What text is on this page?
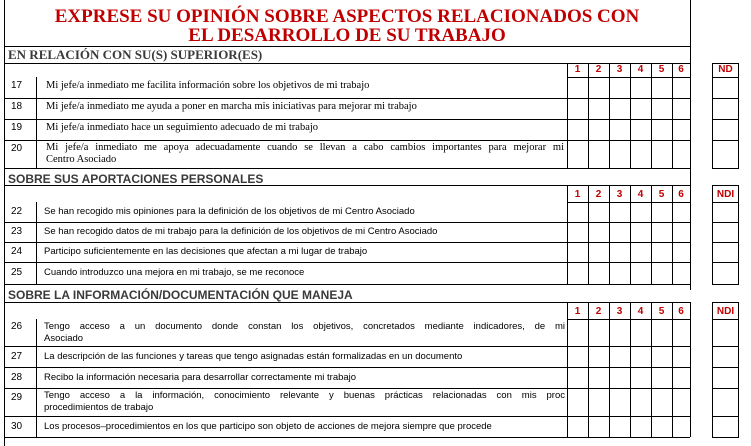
EXPRESE SU OPINIÓN SOBRE ASPECTOS RELACIONADOS CON
EL DESARROLLO DE SU TRABAJO
EN RELACIÓN CON SU(S) SUPERIOR(ES)
SOBRE SUS APORTACIONES PERSONALES
SOBRE LA INFORMACIÓN/DOCUMENTACIÓN QUE MANEJA
1	2	3	4	5	6	ND
1	2	3	4	5	6	NDI
1	2	3	4	5	6	NDI
17 Mi jefe/a inmediato me facilita información sobre los objetivos de mi trabajo
18 Mi jefe/a inmediato me ayuda a poner en marcha mis iniciativas para mejorar mi trabajo
19 Mi jefe/a inmediato hace un seguimiento adecuado de mi trabajo
20 Mi jefe/a inmediato me apoya adecuadamente cuando se llevan a cabo cambios importantes para mejorar mi
Centro Asociado
22 Se han recogido mis opiniones para la definición de los objetivos de mi Centro Asociado
23 Se han recogido datos de mi trabajo para la definición de los objetivos de mi Centro Asociado
24 Participo suficientemente en las decisiones que afectan a mi lugar de trabajo
25 Cuando introduzco una mejora en mi trabajo, se me reconoce
26 Tengo acceso a un documento donde constan los objetivos, concretados mediante indicadores, de mi
Asociado
27 La descripción de las funciones y tareas que tengo asignadas están formalizadas en un documento
28 Recibo la información necesaria para desarrollar correctamente mi trabajo
29 Tengo acceso a la información, conocimiento relevante y buenas prácticas relacionadas con mis proc
procedimientos de trabajo
30 Los procesos–procedimientos en los que participo son objeto de acciones de mejora siempre que procede
